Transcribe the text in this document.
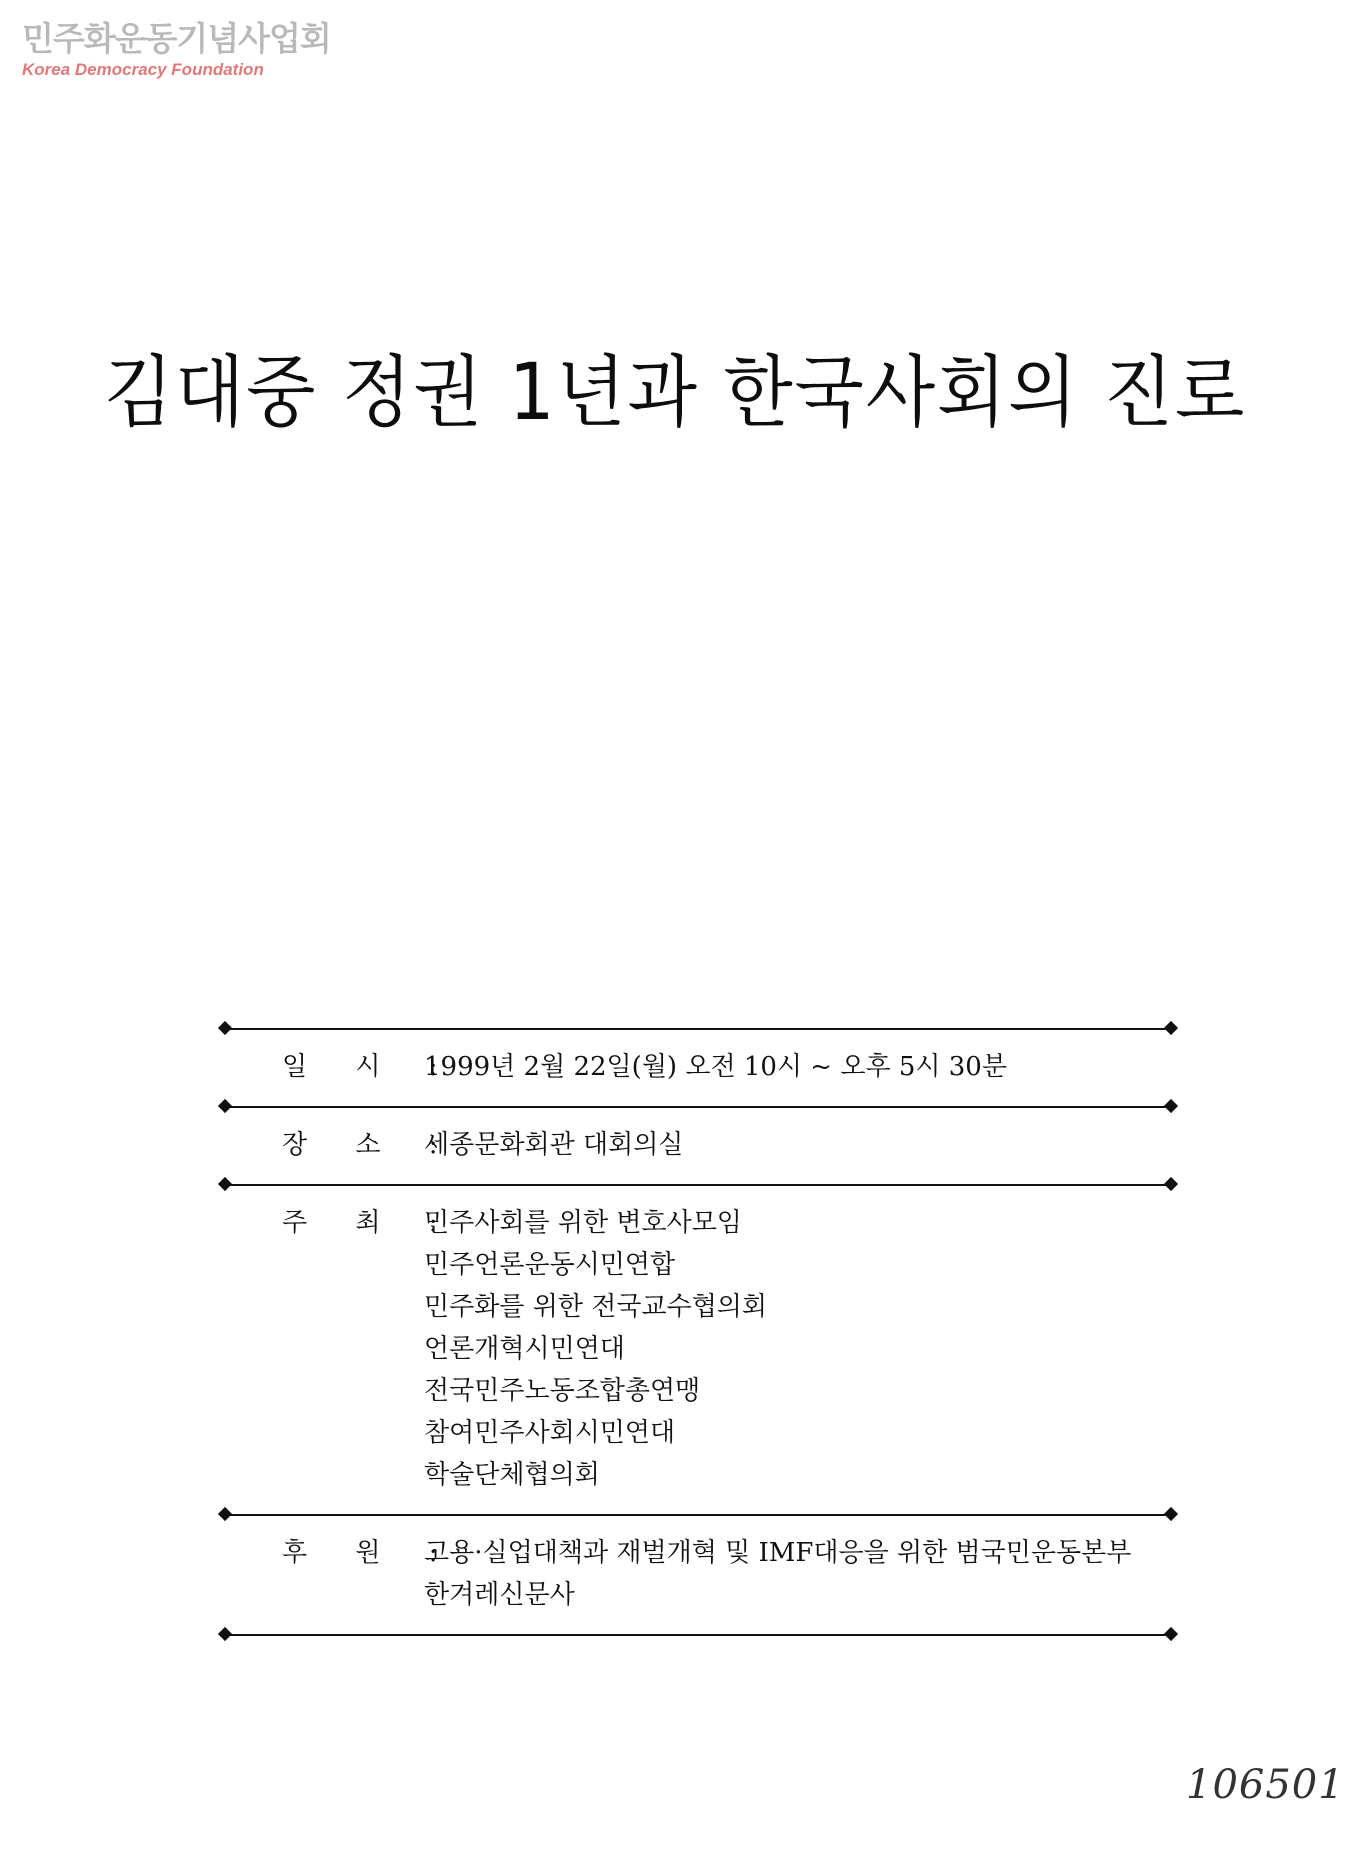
민주화운동기념사업회
Korea Democracy Foundation
김대중 정권 1년과 한국사회의 진로
일 시 :
1999년 2월 22일(월) 오전 10시 ~ 오후 5시 30분
장 소 :
세종문화회관 대회의실
주 최 :
민주사회를 위한 변호사모임
민주언론운동시민연합
민주화를 위한 전국교수협의회
언론개혁시민연대
전국민주노동조합총연맹
참여민주사회시민연대
학술단체협의회
후 원 :
고용·실업대책과 재벌개혁 및 IMF대응을 위한 범국민운동본부
한겨레신문사
106501
